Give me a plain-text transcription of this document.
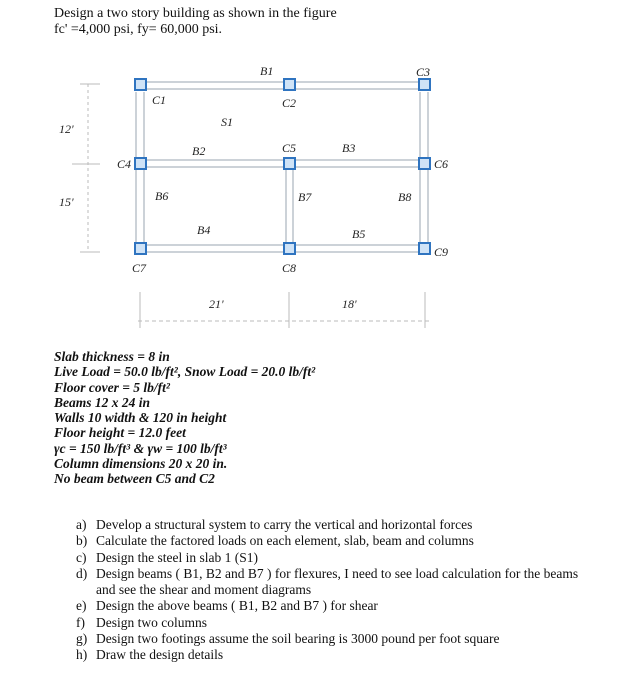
Design a two story building as shown in the figure
fc' =4,000 psi, fy= 60,000 psi.
C1	C2
C3
C4
C5
C6
C7	C8
C9
B1
B2	B3
B4	B5
B6	B7	B8
S1
12'
15'
21'	18'
Slab thickness = 8 in
Live Load = 50.0 lb/ft², Snow Load = 20.0 lb/ft²
Floor cover = 5 lb/ft²
Beams 12 x 24 in
Walls 10 width & 120 in height
Floor height = 12.0 feet
γc = 150 lb/ft³ & γw = 100 lb/ft³
Column dimensions 20 x 20 in.
No beam between C5 and C2
a) Develop a structural system to carry the vertical and horizontal forces
b) Calculate the factored loads on each element, slab, beam and columns
c) Design the steel in slab 1 (S1)
d) Design beams ( B1, B2 and B7 ) for flexures, I need to see load calculation for the beams and see the shear and moment diagrams
e) Design the above beams ( B1, B2 and B7 ) for shear
f) Design two columns
g) Design two footings assume the soil bearing is 3000 pound per foot square
h) Draw the design details
